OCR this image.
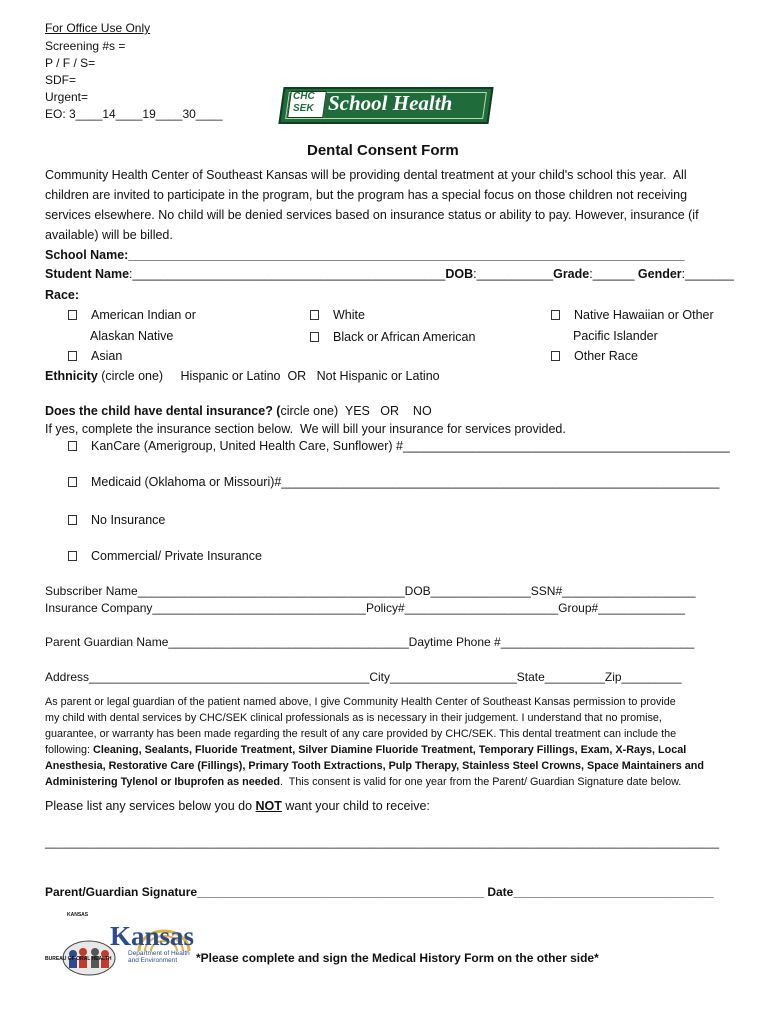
For Office Use Only
Screening #s =
P / F / S=
SDF=
Urgent=
EO: 3____14____19____30____
CHC
SEK School Health
Dental Consent Form
Community Health Center of Southeast Kansas will be providing dental treatment at your child's school this year.  All
children are invited to participate in the program, but the program has a special focus on those children not receiving
services elsewhere. No child will be denied services based on insurance status or ability to pay. However, insurance (if
available) will be billed.
School Name:________________________________________________________________________________
Student Name:_____________________________________________DOB:___________Grade:______ Gender:_______
Race:
American Indian or
Alaskan Native
Asian
White
Black or African American
Native Hawaiian or Other
Pacific Islander
Other Race
Ethnicity (circle one)     Hispanic or Latino  OR   Not Hispanic or Latino
Does the child have dental insurance? (circle one)  YES   OR    NO
If yes, complete the insurance section below.  We will bill your insurance for services provided.
KanCare (Amerigroup, United Health Care, Sunflower) #_______________________________________________
Medicaid (Oklahoma or Missouri)#_______________________________________________________________
No Insurance
Commercial/ Private Insurance
Subscriber Name________________________________________DOB_______________SSN#____________________
Insurance Company________________________________Policy#_______________________Group#_____________
Parent Guardian Name____________________________________Daytime Phone #_____________________________
Address__________________________________________City___________________State_________Zip_________
As parent or legal guardian of the patient named above, I give Community Health Center of Southeast Kansas permission to provide
my child with dental services by CHC/SEK clinical professionals as is necessary in their judgement. I understand that no promise,
guarantee, or warranty has been made regarding the result of any care provided by CHC/SEK. This dental treatment can include the
following: Cleaning, Sealants, Fluoride Treatment, Silver Diamine Fluoride Treatment, Temporary Fillings, Exam, X-Rays, Local
Anesthesia, Restorative Care (Fillings), Primary Tooth Extractions, Pulp Therapy, Stainless Steel Crowns, Space Maintainers and
Administering Tylenol or Ibuprofen as needed.  This consent is valid for one year from the Parent/ Guardian Signature date below.
Please list any services below you do NOT want your child to receive:
_____________________________________________________________________________________________________
Parent/Guardian Signature___________________________________________ Date______________________________

KANSAS
BUREAU OF ORAL HEALTH

Kansas
Department of Health
and Environment *Please complete and sign the Medical History Form on the other side*
